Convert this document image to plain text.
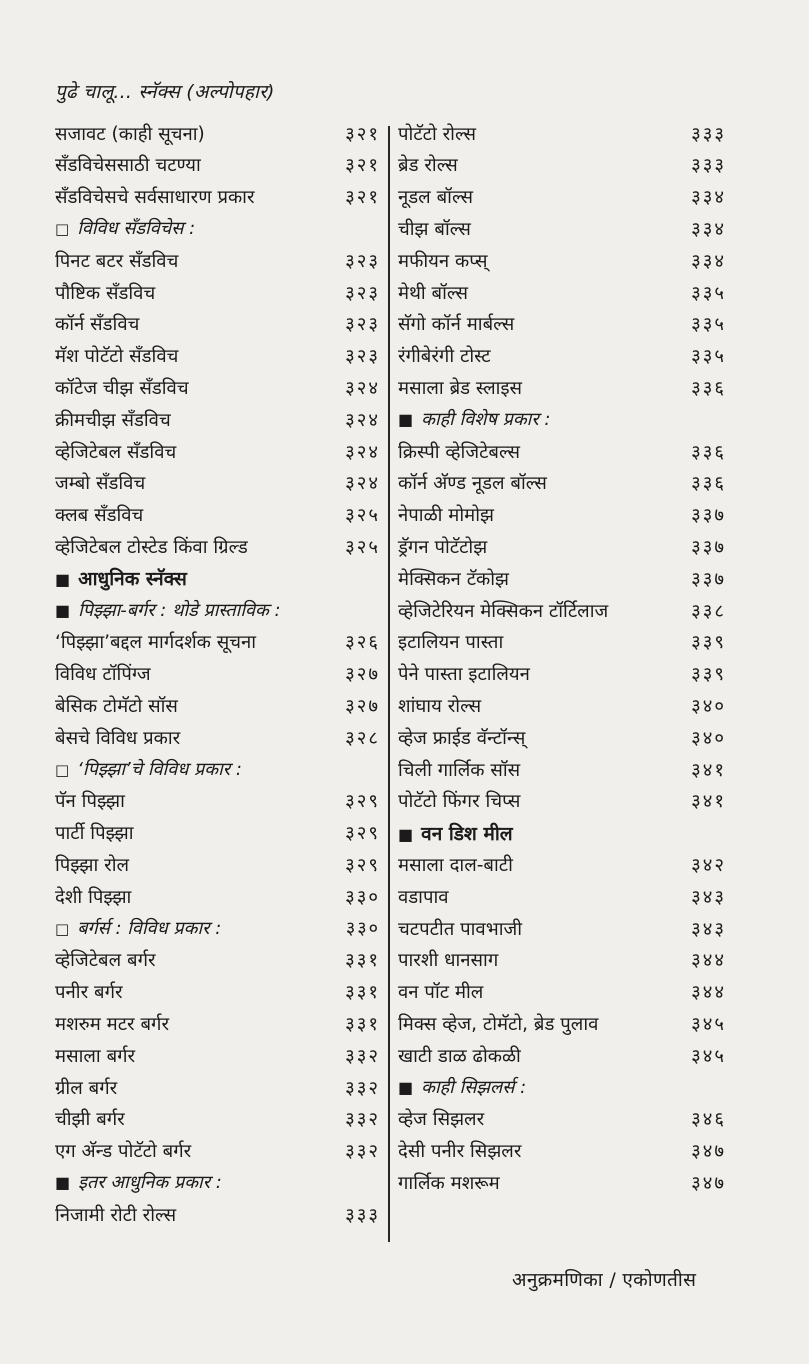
पुढे चालू... स्नॅक्स (अल्पोपहार)
सजावट (काही सूचना)	३२१
सँडविचेससाठी चटण्या	३२१
सँडविचेसचे सर्वसाधारण प्रकार	३२१
□ विविध सँडविचेस :
पिनट बटर सँडविच	३२३
पौष्टिक सँडविच	३२३
कॉर्न सँडविच	३२३
मॅश पोटॅटो सँडविच	३२३
कॉटेज चीझ सँडविच	३२४
क्रीमचीझ सँडविच	३२४
व्हेजिटेबल सँडविच	३२४
जम्बो सँडविच	३२४
क्लब सँडविच	३२५
व्हेजिटेबल टोस्टेड किंवा ग्रिल्ड	३२५
■ आधुनिक स्नॅक्स
■ पिझ्झा-बर्गर : थोडे प्रास्ताविक :
‘पिझ्झा’बद्दल मार्गदर्शक सूचना	३२६
विविध टॉपिंग्ज	३२७
बेसिक टोमॅटो सॉस	३२७
बेसचे विविध प्रकार	३२८
□ ‘पिझ्झा’चे विविध प्रकार :
पॅन पिझ्झा	३२९
पार्टी पिझ्झा	३२९
पिझ्झा रोल	३२९
देशी पिझ्झा	३३०
□ बर्गर्स : विविध प्रकार :	३३०
व्हेजिटेबल बर्गर	३३१
पनीर बर्गर	३३१
मशरुम मटर बर्गर	३३१
मसाला बर्गर	३३२
ग्रील बर्गर	३३२
चीझी बर्गर	३३२
एग अ‍ॅन्ड पोटॅटो बर्गर	३३२
■ इतर आधुनिक प्रकार :
निजामी रोटी रोल्स	३३३
पोटॅटो रोल्स	३३३
ब्रेड रोल्स	३३३
नूडल बॉल्स	३३४
चीझ बॉल्स	३३४
मफीयन कप्स्	३३४
मेथी बॉल्स	३३५
सॅगो कॉर्न मार्बल्स	३३५
रंगीबेरंगी टोस्ट	३३५
मसाला ब्रेड स्लाइस	३३६
■ काही विशेष प्रकार :
क्रिस्पी व्हेजिटेबल्स	३३६
कॉर्न अ‍ॅण्ड नूडल बॉल्स	३३६
नेपाळी मोमोझ	३३७
ड्रॅगन पोटॅटोझ	३३७
मेक्सिकन टॅकोझ	३३७
व्हेजिटेरियन मेक्सिकन टॉर्टिलाज	३३८
इटालियन पास्ता	३३९
पेने पास्ता इटालियन	३३९
शांघाय रोल्स	३४०
व्हेज फ्राईड वॅन्टॉन्स्	३४०
चिली गार्लिक सॉस	३४१
पोटॅटो फिंगर चिप्स	३४१
■ वन डिश मील
मसाला दाल-बाटी	३४२
वडापाव	३४३
चटपटीत पावभाजी	३४३
पारशी धानसाग	३४४
वन पॉट मील	३४४
मिक्स व्हेज, टोमॅटो, ब्रेड पुलाव	३४५
खाटी डाळ ढोकळी	३४५
■ काही सिझलर्स :
व्हेज सिझलर	३४६
देसी पनीर सिझलर	३४७
गार्लिक मशरूम	३४७
अनुक्रमणिका / एकोणतीस
